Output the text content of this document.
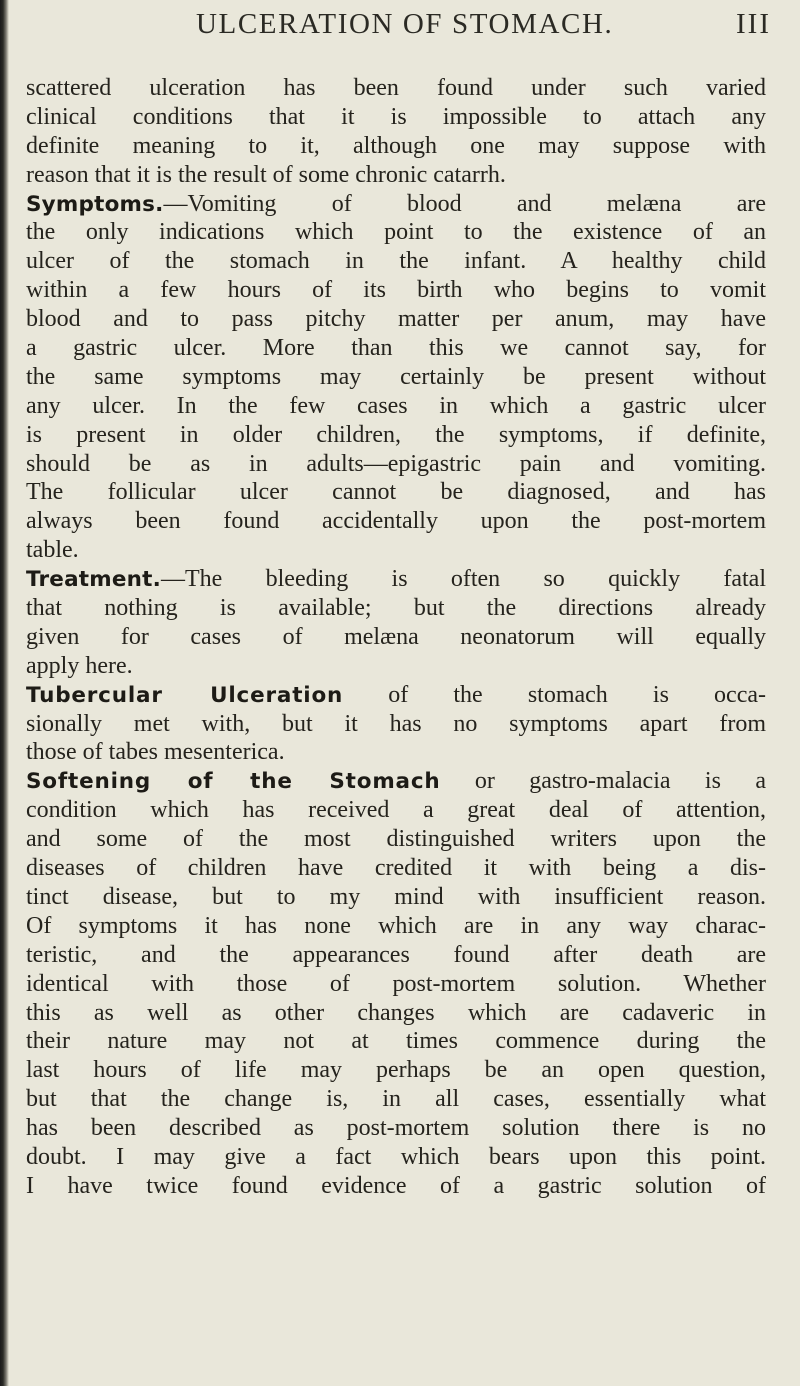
ULCERATION OF STOMACH.	III
scattered ulceration has been found under such varied
clinical conditions that it is impossible to attach any
definite meaning to it, although one may suppose with
reason that it is the result of some chronic catarrh.
Symptoms.—Vomiting of blood and melæna are
the only indications which point to the existence of an
ulcer of the stomach in the infant. A healthy child
within a few hours of its birth who begins to vomit
blood and to pass pitchy matter per anum, may have
a gastric ulcer. More than this we cannot say, for
the same symptoms may certainly be present without
any ulcer. In the few cases in which a gastric ulcer
is present in older children, the symptoms, if definite,
should be as in adults—epigastric pain and vomiting.
The follicular ulcer cannot be diagnosed, and has
always been found accidentally upon the post-mortem
table.
Treatment.—The bleeding is often so quickly fatal
that nothing is available; but the directions already
given for cases of melæna neonatorum will equally
apply here.
Tubercular Ulceration of the stomach is occa-
sionally met with, but it has no symptoms apart from
those of tabes mesenterica.
Softening of the Stomach or gastro-malacia is a
condition which has received a great deal of attention,
and some of the most distinguished writers upon the
diseases of children have credited it with being a dis-
tinct disease, but to my mind with insufficient reason.
Of symptoms it has none which are in any way charac-
teristic, and the appearances found after death are
identical with those of post-mortem solution. Whether
this as well as other changes which are cadaveric in
their nature may not at times commence during the
last hours of life may perhaps be an open question,
but that the change is, in all cases, essentially what
has been described as post-mortem solution there is no
doubt. I may give a fact which bears upon this point.
I have twice found evidence of a gastric solution of
